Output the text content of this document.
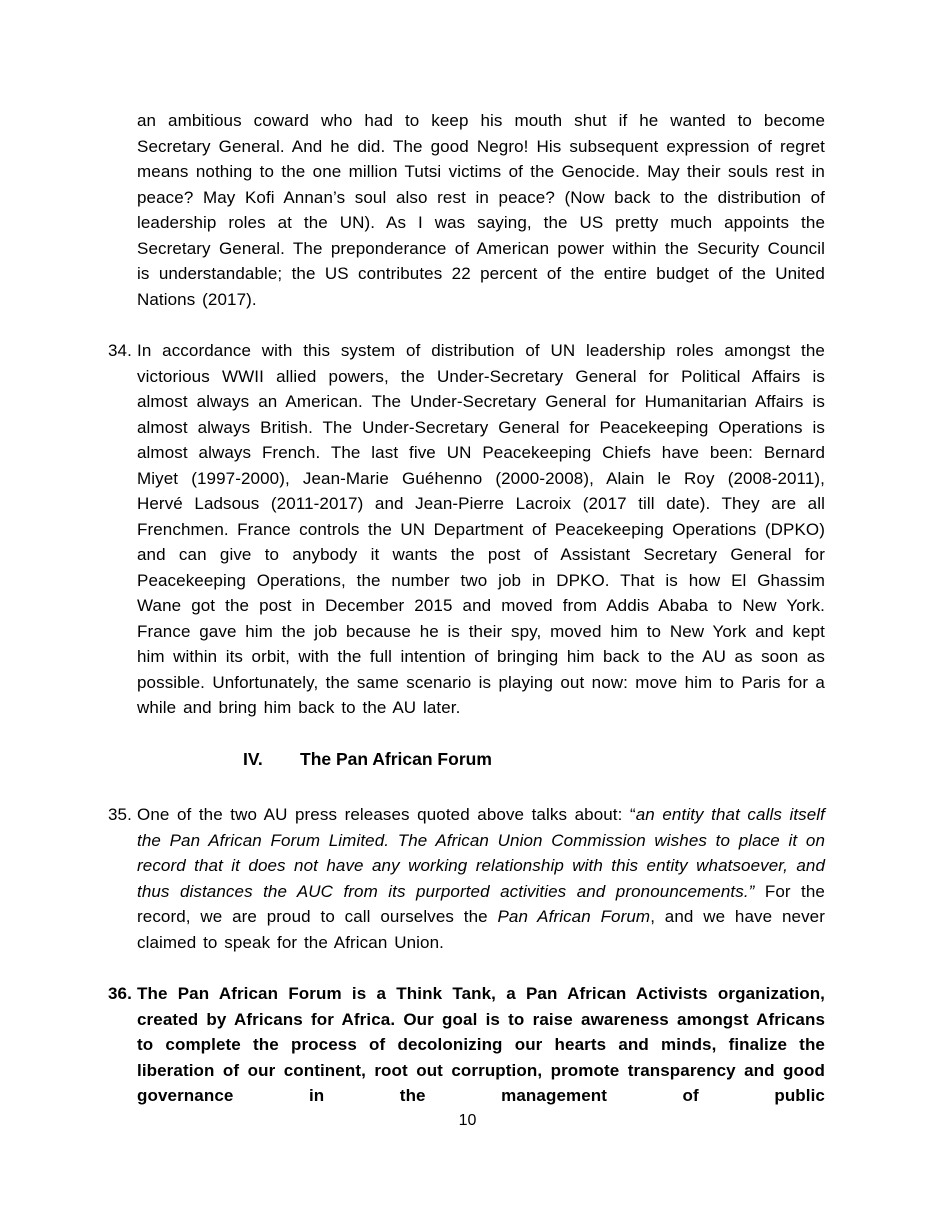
an ambitious coward who had to keep his mouth shut if he wanted to become Secretary General. And he did. The good Negro! His subsequent expression of regret means nothing to the one million Tutsi victims of the Genocide. May their souls rest in peace? May Kofi Annan’s soul also rest in peace? (Now back to the distribution of leadership roles at the UN). As I was saying, the US pretty much appoints the Secretary General. The preponderance of American power within the Security Council is understandable; the US contributes 22 percent of the entire budget of the United Nations (2017).
34. In accordance with this system of distribution of UN leadership roles amongst the victorious WWII allied powers, the Under-Secretary General for Political Affairs is almost always an American. The Under-Secretary General for Humanitarian Affairs is almost always British. The Under-Secretary General for Peacekeeping Operations is almost always French. The last five UN Peacekeeping Chiefs have been: Bernard Miyet (1997-2000), Jean-Marie Guéhenno (2000-2008), Alain le Roy (2008-2011), Hervé Ladsous (2011-2017) and Jean-Pierre Lacroix (2017 till date). They are all Frenchmen. France controls the UN Department of Peacekeeping Operations (DPKO) and can give to anybody it wants the post of Assistant Secretary General for Peacekeeping Operations, the number two job in DPKO. That is how El Ghassim Wane got the post in December 2015 and moved from Addis Ababa to New York. France gave him the job because he is their spy, moved him to New York and kept him within its orbit, with the full intention of bringing him back to the AU as soon as possible. Unfortunately, the same scenario is playing out now: move him to Paris for a while and bring him back to the AU later.
IV. The Pan African Forum
35. One of the two AU press releases quoted above talks about: “an entity that calls itself the Pan African Forum Limited. The African Union Commission wishes to place it on record that it does not have any working relationship with this entity whatsoever, and thus distances the AUC from its purported activities and pronouncements.” For the record, we are proud to call ourselves the Pan African Forum, and we have never claimed to speak for the African Union.
36. The Pan African Forum is a Think Tank, a Pan African Activists organization, created by Africans for Africa. Our goal is to raise awareness amongst Africans to complete the process of decolonizing our hearts and minds, finalize the liberation of our continent, root out corruption, promote transparency and good governance in the management of public
10
